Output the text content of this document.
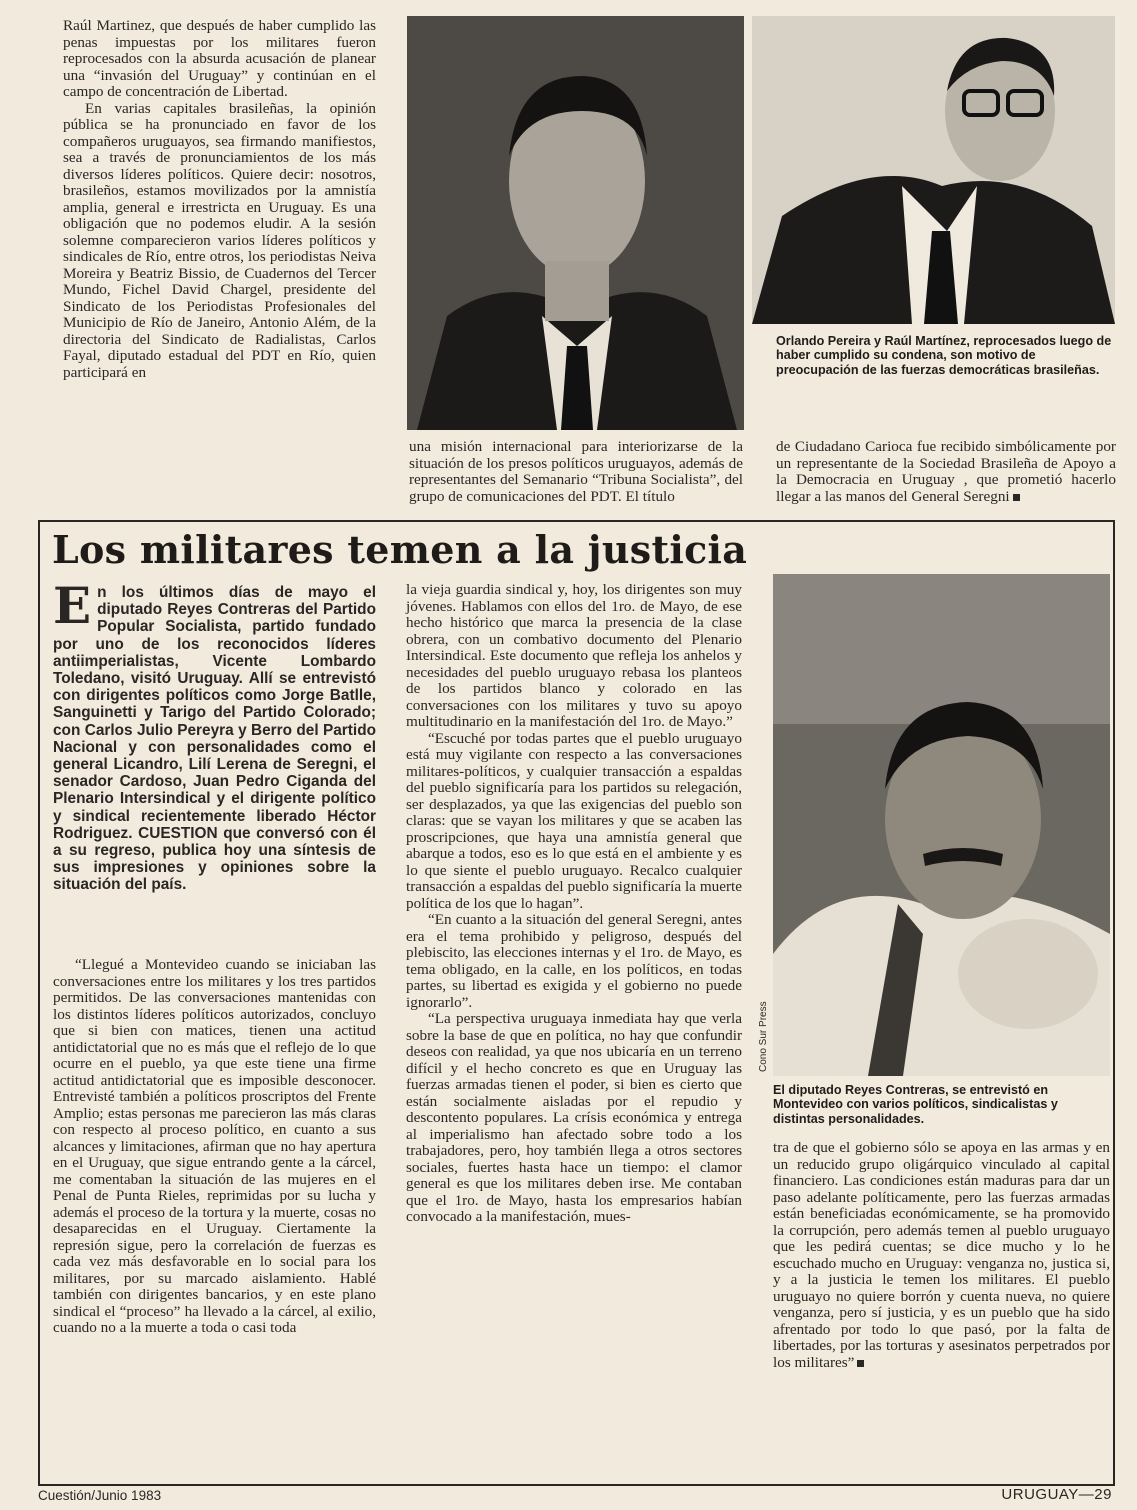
Raúl Martinez, que después de haber cumplido las penas impuestas por los militares fueron reprocesados con la absurda acusación de planear una “invasión del Uruguay” y continúan en el campo de concentración de Libertad.

En varias capitales brasileñas, la opinión pública se ha pronunciado en favor de los compañeros uruguayos, sea firmando manifiestos, sea a través de pronunciamientos de los más diversos líderes políticos. Quiere decir: nosotros, brasileños, estamos movilizados por la amnistía amplia, general e irrestricta en Uruguay. Es una obligación que no podemos eludir. A la sesión solemne comparecieron varios líderes políticos y sindicales de Río, entre otros, los periodistas Neiva Moreira y Beatriz Bissio, de Cuadernos del Tercer Mundo, Fichel David Chargel, presidente del Sindicato de los Periodistas Profesionales del Municipio de Río de Janeiro, Antonio Além, de la directoria del Sindicato de Radialistas, Carlos Fayal, diputado estadual del PDT en Río, quien participará en

Orlando Pereira y Raúl Martínez, reprocesados luego de haber cumplido su condena, son motivo de preocupación de las fuerzas democráticas brasileñas.

una misión internacional para interiorizarse de la situación de los presos políticos uruguayos, además de representantes del Semanario “Tribuna Socialista”, del grupo de comunicaciones del PDT. El título

de Ciudadano Carioca fue recibido simbólicamente por un representante de la Sociedad Brasileña de Apoyo a la Democracia en Uruguay , que prometió hacerlo llegar a las manos del General Seregni

Los militares temen a la justicia
En los últimos días de mayo el diputado Reyes Contreras del Partido Popular Socialista, partido fundado por uno de los reconocidos líderes antiimperialistas, Vicente Lombardo Toledano, visitó Uruguay. Allí se entrevistó con dirigentes políticos como Jorge Batlle, Sanguinetti y Tarigo del Partido Colorado; con Carlos Julio Pereyra y Berro del Partido Nacional y con personalidades como el general Licandro, Lilí Lerena de Seregni, el senador Cardoso, Juan Pedro Ciganda del Plenario Intersindical y el dirigente político y sindical recientemente liberado Héctor Rodriguez. CUESTION que conversó con él a su regreso, publica hoy una síntesis de sus impresiones y opiniones sobre la situación del país.

“Llegué a Montevideo cuando se iniciaban las conversaciones entre los militares y los tres partidos permitidos. De las conversaciones mantenidas con los distintos líderes políticos autorizados, concluyo que si bien con matices, tienen una actitud antidictatorial que no es más que el reflejo de lo que ocurre en el pueblo, ya que este tiene una firme actitud antidictatorial que es imposible desconocer. Entrevisté también a políticos proscriptos del Frente Amplio; estas personas me parecieron las más claras con respecto al proceso político, en cuanto a sus alcances y limitaciones, afirman que no hay apertura en el Uruguay, que sigue entrando gente a la cárcel, me comentaban la situación de las mujeres en el Penal de Punta Rieles, reprimidas por su lucha y además el proceso de la tortura y la muerte, cosas no desaparecidas en el Uruguay. Ciertamente la represión sigue, pero la correlación de fuerzas es cada vez más desfavorable en lo social para los militares, por su marcado aislamiento. Hablé también con dirigentes bancarios, y en este plano sindical el “proceso” ha llevado a la cárcel, al exilio, cuando no a la muerte a toda o casi toda

la vieja guardia sindical y, hoy, los dirigentes son muy jóvenes. Hablamos con ellos del 1ro. de Mayo, de ese hecho histórico que marca la presencia de la clase obrera, con un combativo documento del Plenario Intersindical. Este documento que refleja los anhelos y necesidades del pueblo uruguayo rebasa los planteos de los partidos blanco y colorado en las conversaciones con los militares y tuvo su apoyo multitudinario en la manifestación del 1ro. de Mayo.”

“Escuché por todas partes que el pueblo uruguayo está muy vigilante con respecto a las conversaciones militares-políticos, y cualquier transacción a espaldas del pueblo significaría para los partidos su relegación, ser desplazados, ya que las exigencias del pueblo son claras: que se vayan los militares y que se acaben las proscripciones, que haya una amnistía general que abarque a todos, eso es lo que está en el ambiente y es lo que siente el pueblo uruguayo. Recalco cualquier transacción a espaldas del pueblo significaría la muerte política de los que lo hagan”.

“En cuanto a la situación del general Seregni, antes era el tema prohibido y peligroso, después del plebiscito, las elecciones internas y el 1ro. de Mayo, es tema obligado, en la calle, en los políticos, en todas partes, su libertad es exigida y el gobierno no puede ignorarlo”.

“La perspectiva uruguaya inmediata hay que verla sobre la base de que en política, no hay que confundir deseos con realidad, ya que nos ubicaría en un terreno difícil y el hecho concreto es que en Uruguay las fuerzas armadas tienen el poder, si bien es cierto que están socialmente aisladas por el repudio y descontento populares. La crísis económica y entrega al imperialismo han afectado sobre todo a los trabajadores, pero, hoy también llega a otros sectores sociales, fuertes hasta hace un tiempo: el clamor general es que los militares deben irse. Me contaban que el 1ro. de Mayo, hasta los empresarios habían convocado a la manifestación, mues-

Cono Sur Press
El diputado Reyes Contreras, se entrevistó en Montevideo con varios políticos, sindicalistas y distintas personalidades.

tra de que el gobierno sólo se apoya en las armas y en un reducido grupo oligárquico vinculado al capital financiero. Las condiciones están maduras para dar un paso adelante políticamente, pero las fuerzas armadas están beneficiadas económicamente, se ha promovido la corrupción, pero además temen al pueblo uruguayo que les pedirá cuentas; se dice mucho y lo he escuchado mucho en Uruguay: venganza no, justica si, y a la justicia le temen los militares. El pueblo uruguayo no quiere borrón y cuenta nueva, no quiere venganza, pero sí justicia, y es un pueblo que ha sido afrentado por todo lo que pasó, por la falta de libertades, por las torturas y asesinatos perpetrados por los militares”

Cuestión/Junio 1983	URUGUAY—29
